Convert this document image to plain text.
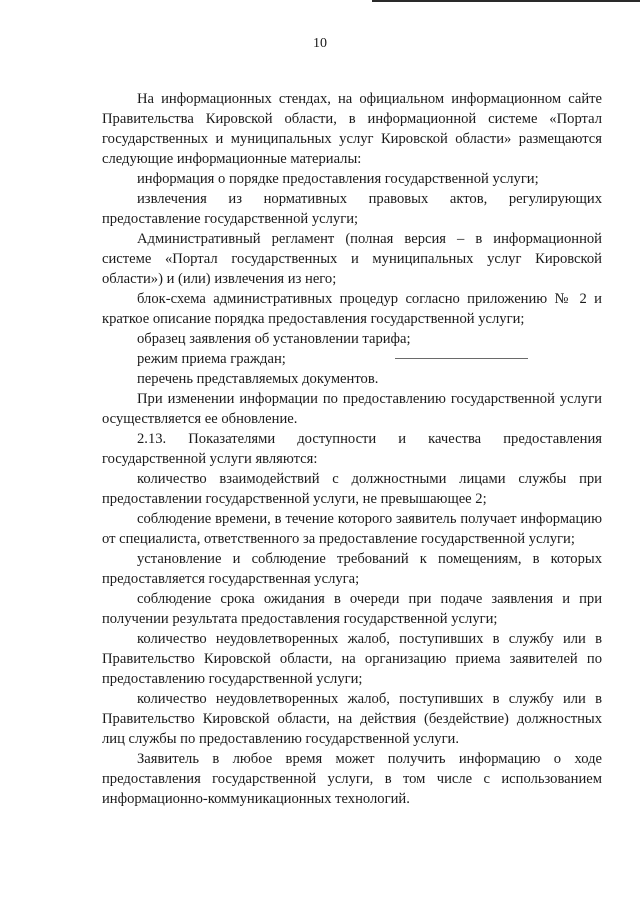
10

На информационных стендах, на официальном информационном сайте Правительства Кировской области, в информационной системе «Портал государственных и муниципальных услуг Кировской области» размещаются следующие информационные материалы:

информация о порядке предоставления государственной услуги;

извлечения из нормативных правовых актов, регулирующих предоставление государственной услуги;

Административный регламент (полная версия – в информационной системе «Портал государственных и муниципальных услуг Кировской области») и (или) извлечения из него;

блок-схема административных процедур согласно приложению № 2 и краткое описание порядка предоставления государственной услуги;

образец заявления об установлении тарифа;

режим приема граждан;

перечень представляемых документов.

При изменении информации по предоставлению государственной услуги осуществляется ее обновление.

2.13. Показателями доступности и качества предоставления государственной услуги являются:

количество взаимодействий с должностными лицами службы при предоставлении государственной услуги, не превышающее 2;

соблюдение времени, в течение которого заявитель получает информацию от специалиста, ответственного за предоставление государственной услуги;

установление и соблюдение требований к помещениям, в которых предоставляется государственная услуга;

соблюдение срока ожидания в очереди при подаче заявления и при получении результата предоставления государственной услуги;

количество неудовлетворенных жалоб, поступивших в службу или в Правительство Кировской области, на организацию приема заявителей по предоставлению государственной услуги;

количество неудовлетворенных жалоб, поступивших в службу или в Правительство Кировской области, на действия (бездействие) должностных лиц службы по предоставлению государственной услуги.

Заявитель в любое время может получить информацию о ходе предоставления государственной услуги, в том числе с использованием информационно-коммуникационных технологий.
